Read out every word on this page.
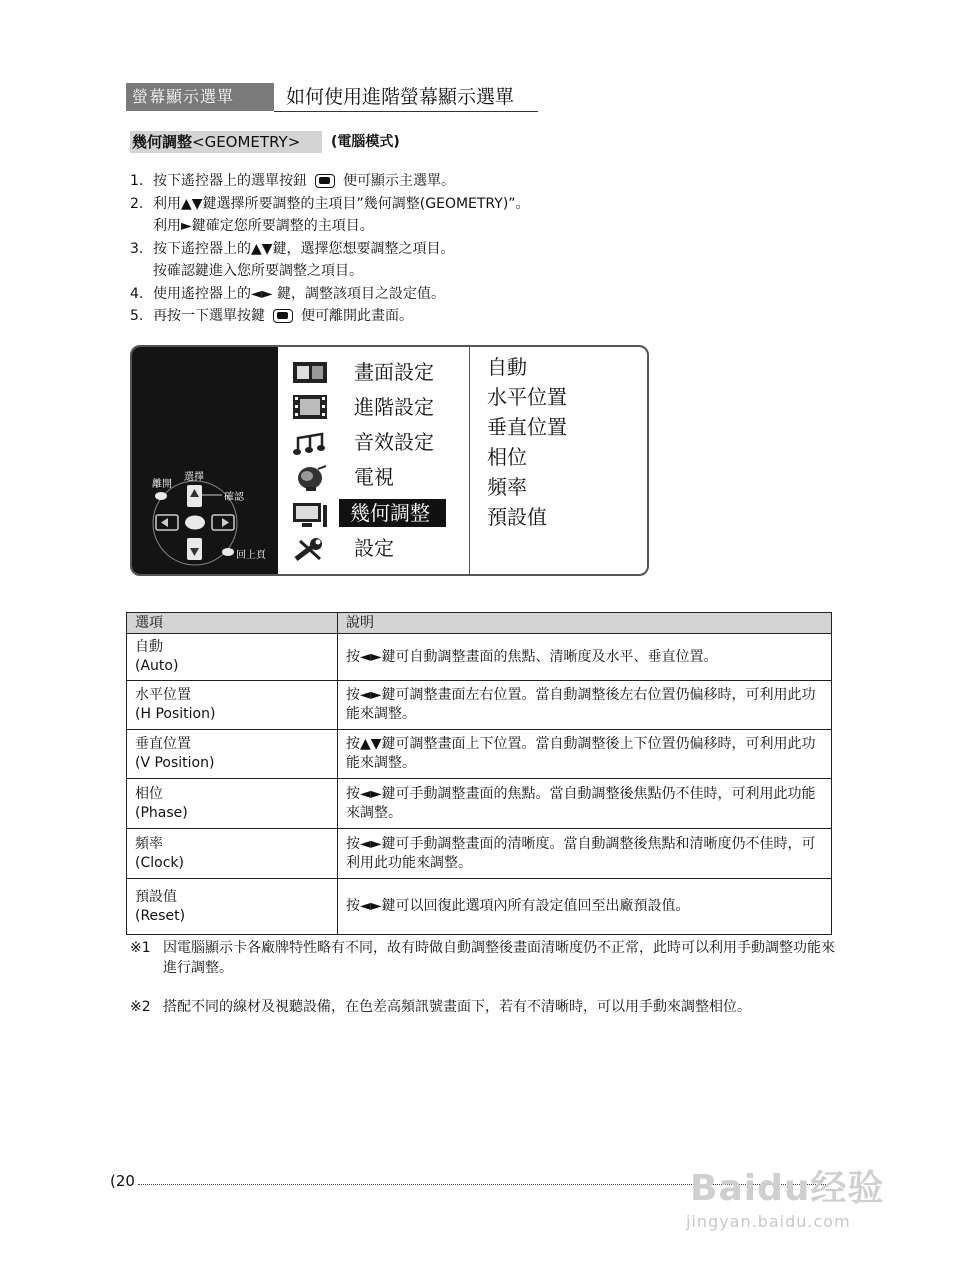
螢幕顯示選單	如何使用進階螢幕顯示選單
幾何調整<GEOMETRY>	(電腦模式)
1. 按下遙控器上的選單按鈕	便可顯示主選單。
2. 利用▲▼鍵選擇所要調整的主項目”幾何調整(GEOMETRY)”。
利用►鍵確定您所要調整的主項目。
3. 按下遙控器上的▲▼鍵，選擇您想要調整之項目。
按確認鍵進入您所要調整之項目。
4. 使用遙控器上的◄► 鍵，調整該項目之設定值。
5. 再按一下選單按鍵	便可離開此畫面。
離開
選擇
確認
回上頁
畫面設定
進階設定
音效設定
電視
幾何調整
設定
自動
水平位置
垂直位置
相位
頻率
預設值
選項	說明

自動
(Auto)	按◄►鍵可自動調整畫面的焦點、清晰度及水平、垂直位置。

水平位置
(H Position)	按◄►鍵可調整畫面左右位置。當自動調整後左右位置仍偏移時，可利用此功能來調整。

垂直位置
(V Position)	按▲▼鍵可調整畫面上下位置。當自動調整後上下位置仍偏移時，可利用此功能來調整。

相位
(Phase)	按◄►鍵可手動調整畫面的焦點。當自動調整後焦點仍不佳時，可利用此功能來調整。

頻率
(Clock)	按◄►鍵可手動調整畫面的清晰度。當自動調整後焦點和清晰度仍不佳時，可利用此功能來調整。

預設值
(Reset)	按◄►鍵可以回復此選項內所有設定值回至出廠預設值。
※1 因電腦顯示卡各廠牌特性略有不同，故有時做自動調整後畫面清晰度仍不正常，此時可以利用手動調整功能來進行調整。
※2 搭配不同的線材及視聽設備，在色差高頻訊號畫面下，若有不清晰時，可以用手動來調整相位。
(20	Baidu经验
jingyan.baidu.com
